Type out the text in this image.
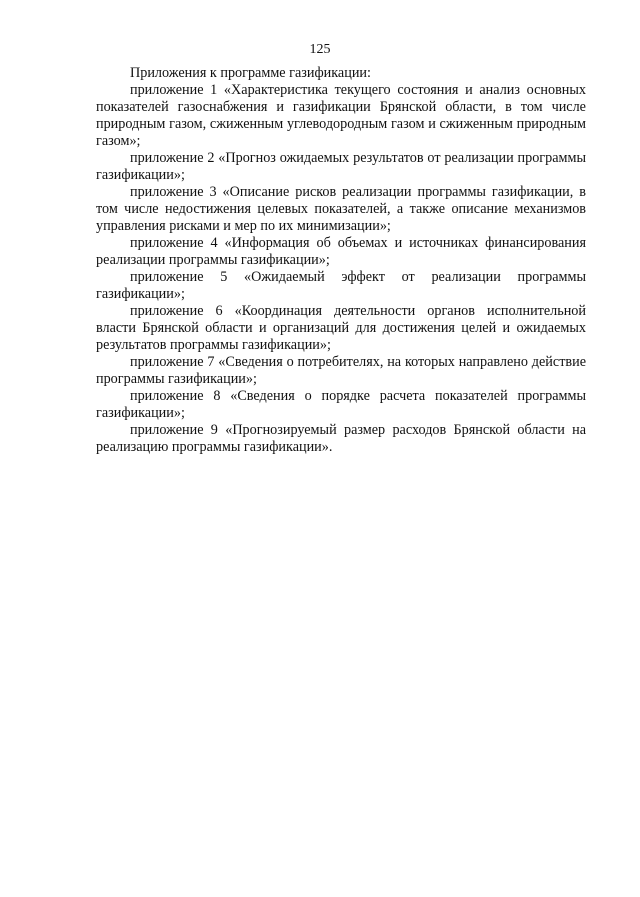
125

Приложения к программе газификации:

приложение 1 «Характеристика текущего состояния и анализ основных показателей газоснабжения и газификации Брянской области, в том числе природным газом, сжиженным углеводородным газом и сжиженным природным газом»;

приложение 2 «Прогноз ожидаемых результатов от реализации программы газификации»;

приложение 3 «Описание рисков реализации программы газификации, в том числе недостижения целевых показателей, а также описание механизмов управления рисками и мер по их минимизации»;

приложение 4 «Информация об объемах и источниках финансирования реализации программы газификации»;

приложение 5 «Ожидаемый эффект от реализации программы газификации»;

приложение 6 «Координация деятельности органов исполнительной власти Брянской области и организаций для достижения целей и ожидаемых результатов программы газификации»;

приложение 7 «Сведения о потребителях, на которых направлено действие программы газификации»;

приложение 8 «Сведения о порядке расчета показателей программы газификации»;

приложение 9 «Прогнозируемый размер расходов Брянской области на реализацию программы газификации».
